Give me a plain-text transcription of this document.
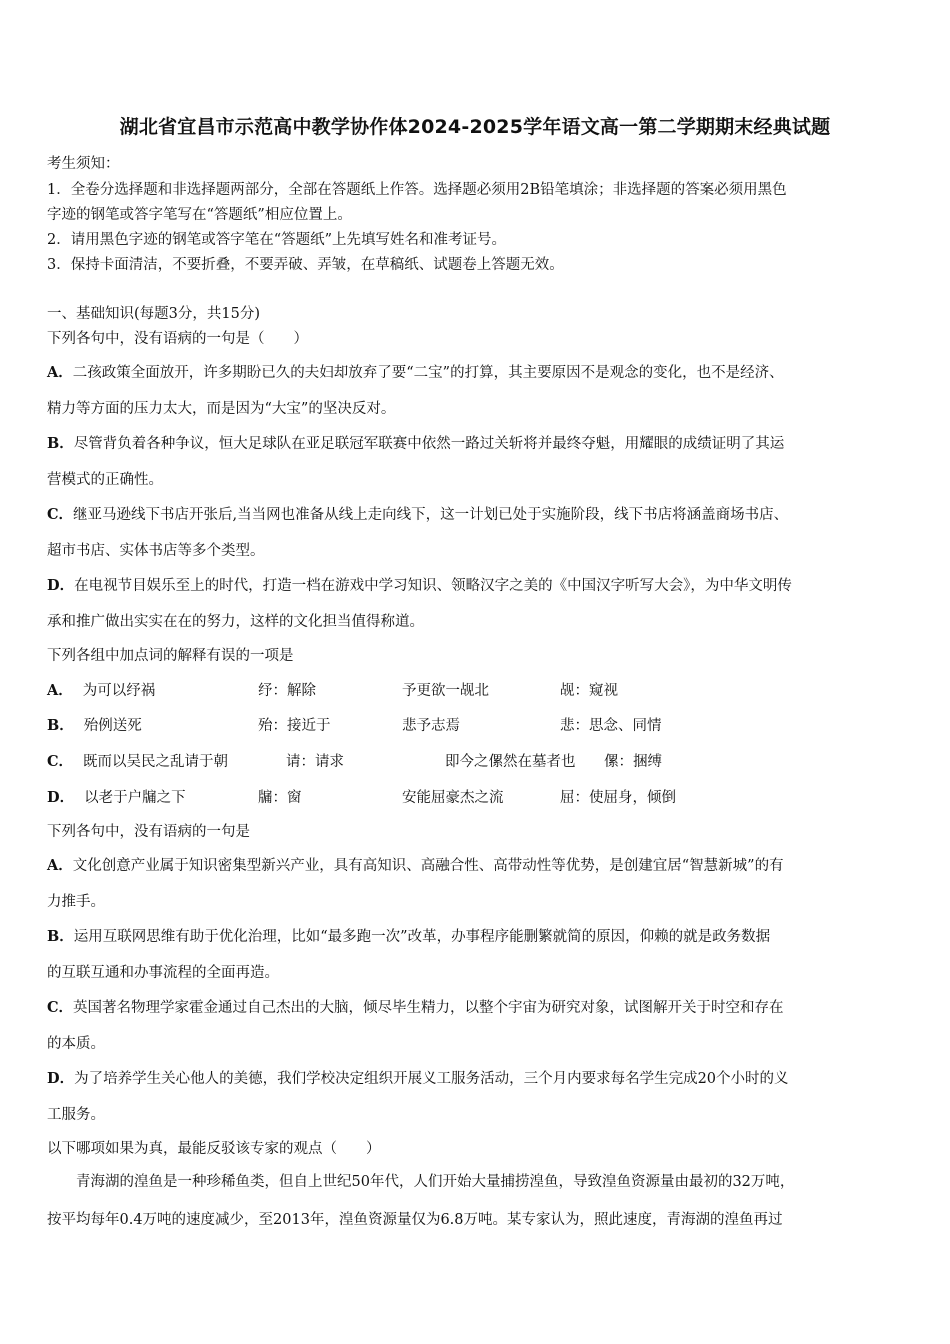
湖北省宜昌市示范高中教学协作体2024-2025学年语文高一第二学期期末经典试题
考生须知：
1．全卷分选择题和非选择题两部分，全部在答题纸上作答。选择题必须用2B铅笔填涂；非选择题的答案必须用黑色
字迹的钢笔或答字笔写在“答题纸”相应位置上。
2．请用黑色字迹的钢笔或答字笔在“答题纸”上先填写姓名和准考证号。
3．保持卡面清洁，不要折叠，不要弄破、弄皱，在草稿纸、试题卷上答题无效。
一、基础知识(每题3分，共15分)
下列各句中，没有语病的一句是（　　）
A．二孩政策全面放开，许多期盼已久的夫妇却放弃了要“二宝”的打算，其主要原因不是观念的变化，也不是经济、
精力等方面的压力太大，而是因为“大宝”的坚决反对。
B．尽管背负着各种争议，恒大足球队在亚足联冠军联赛中依然一路过关斩将并最终夺魁，用耀眼的成绩证明了其运
营模式的正确性。
C．继亚马逊线下书店开张后,当当网也准备从线上走向线下，这一计划已处于实施阶段，线下书店将涵盖商场书店、
超市书店、实体书店等多个类型。
D．在电视节目娱乐至上的时代，打造一档在游戏中学习知识、领略汉字之美的《中国汉字听写大会》，为中华文明传
承和推广做出实实在在的努力，这样的文化担当值得称道。
下列各组中加点词的解释有误的一项是
A． 为可以纾祸	纾：解除	予更欲一觇北	觇：窥视
B． 殆例送死	殆：接近于	悲予志焉	悲：思念、同情
C． 既而以吴民之乱请于朝	请：请求	即今之傫然在墓者也 傫：捆缚
D． 以老于户牖之下	牖：窗	安能屈豪杰之流	屈：使屈身，倾倒
下列各句中，没有语病的一句是
A．文化创意产业属于知识密集型新兴产业，具有高知识、高融合性、高带动性等优势，是创建宜居“智慧新城”的有
力推手。
B．运用互联网思维有助于优化治理，比如“最多跑一次”改革，办事程序能删繁就简的原因，仰赖的就是政务数据
的互联互通和办事流程的全面再造。
C．英国著名物理学家霍金通过自己杰出的大脑，倾尽毕生精力，以整个宇宙为研究对象，试图解开关于时空和存在
的本质。
D．为了培养学生关心他人的美德，我们学校决定组织开展义工服务活动，三个月内要求每名学生完成20个小时的义
工服务。
以下哪项如果为真，最能反驳该专家的观点（　　）
　　青海湖的湟鱼是一种珍稀鱼类，但自上世纪50年代，人们开始大量捕捞湟鱼，导致湟鱼资源量由最初的32万吨，
按平均每年0.4万吨的速度减少，至2013年，湟鱼资源量仅为6.8万吨。某专家认为，照此速度，青海湖的湟鱼再过
